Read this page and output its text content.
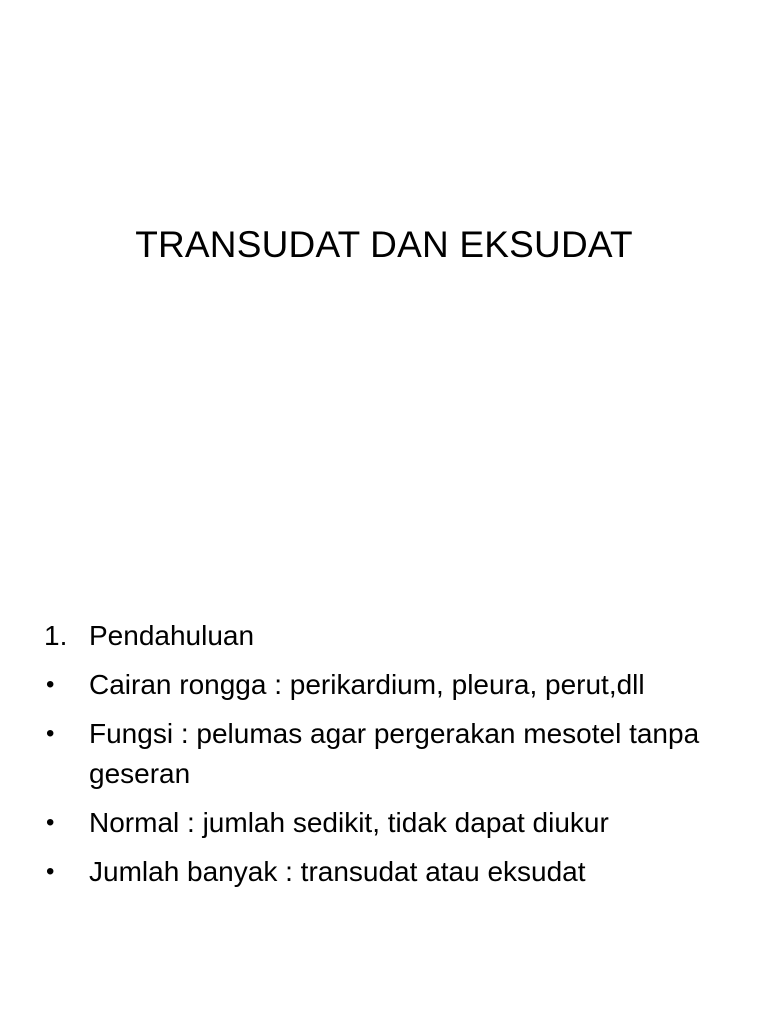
TRANSUDAT DAN EKSUDAT
1. Pendahuluan
•	Cairan rongga : perikardium, pleura, perut,dll
•	Fungsi : pelumas agar pergerakan mesotel tanpa geseran
•	Normal : jumlah sedikit, tidak dapat diukur
•	Jumlah banyak : transudat atau eksudat
